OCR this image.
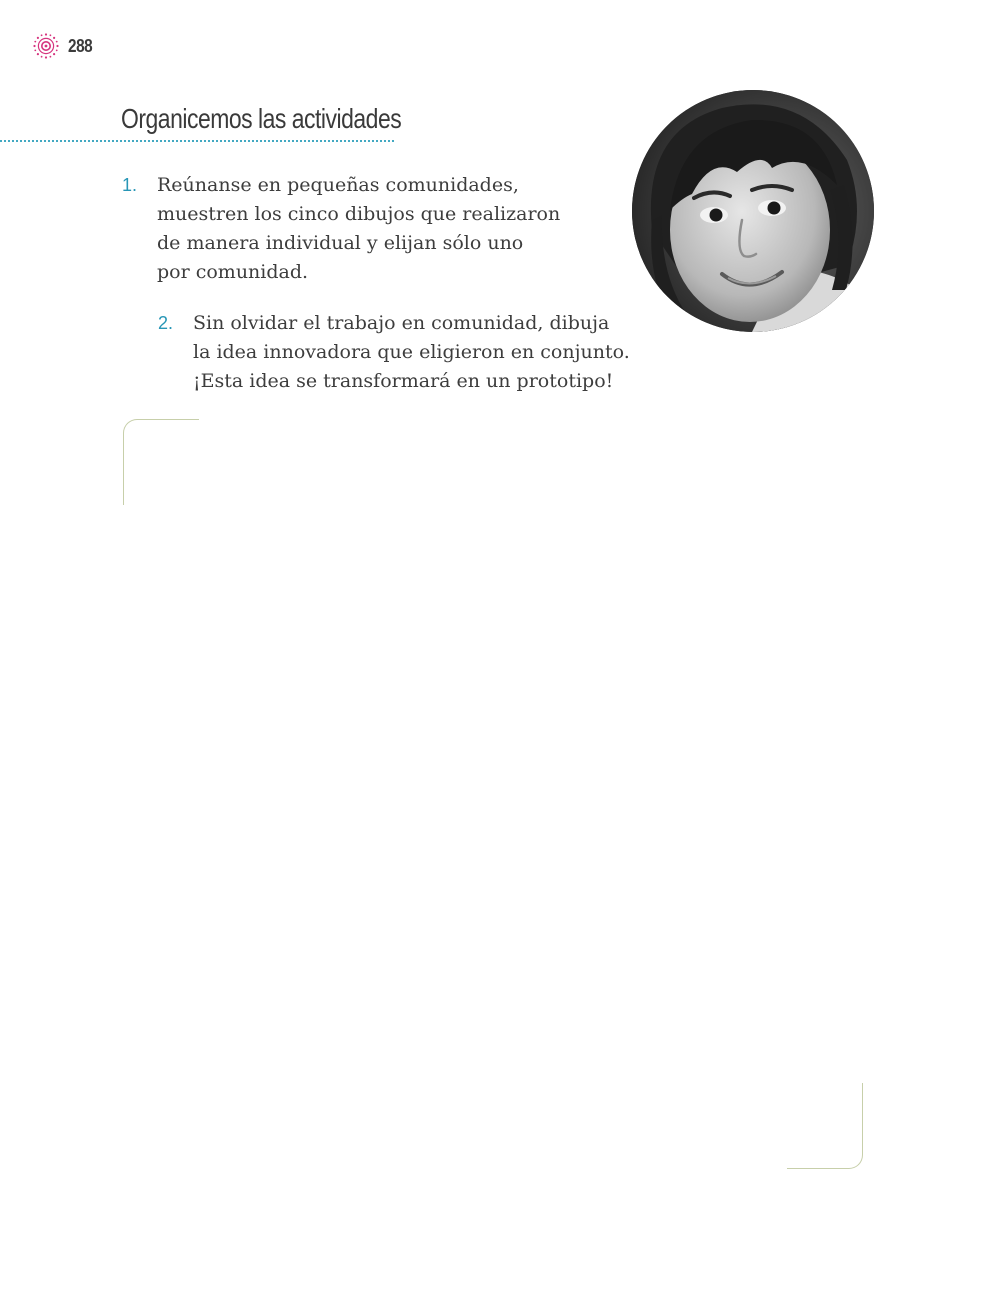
288
Organicemos las actividades
1.	Reúnanse en pequeñas comunidades,
muestren los cinco dibujos que realizaron
de manera individual y elijan sólo uno
por comunidad.

2.	Sin olvidar el trabajo en comunidad, dibuja
la idea innovadora que eligieron en conjunto.
¡Esta idea se transformará en un prototipo!
